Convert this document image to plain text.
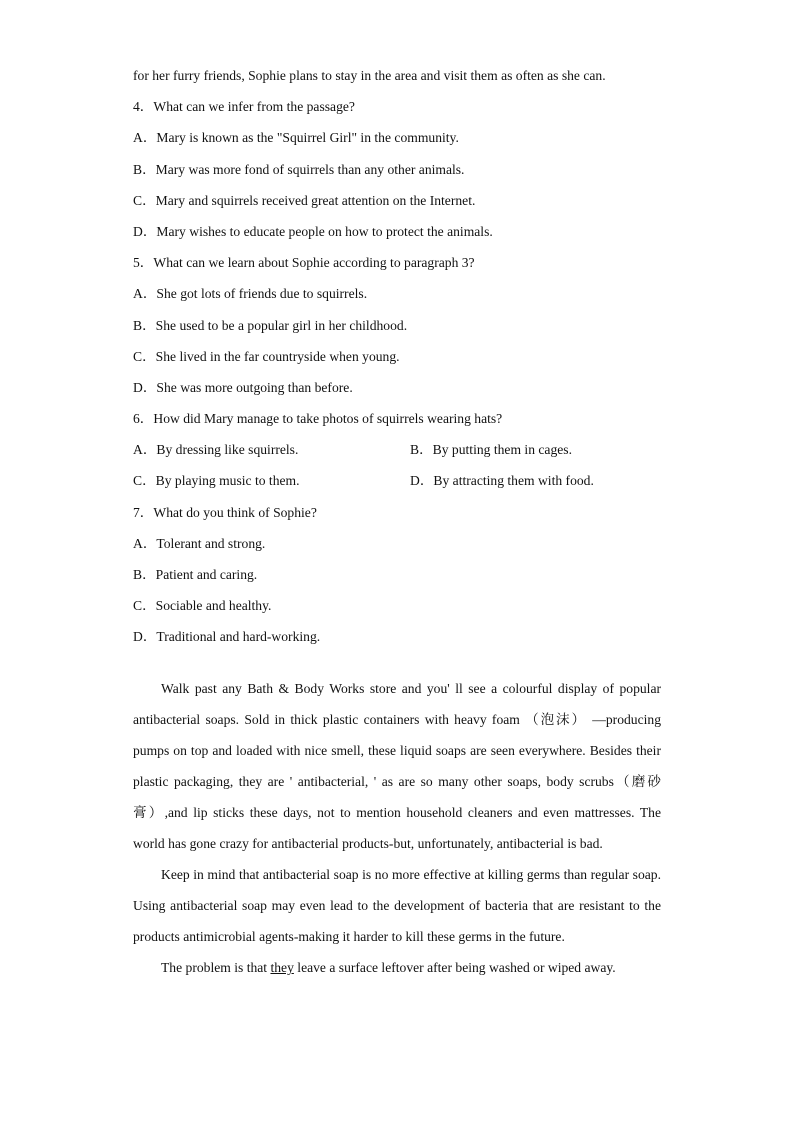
for her furry friends, Sophie plans to stay in the area and visit them as often as she can.
4．What can we infer from the passage?
A．Mary is known as the "Squirrel Girl" in the community.
B．Mary was more fond of squirrels than any other animals.
C．Mary and squirrels received great attention on the Internet.
D．Mary wishes to educate people on how to protect the animals.
5．What can we learn about Sophie according to paragraph 3?
A．She got lots of friends due to squirrels.
B．She used to be a popular girl in her childhood.
C．She lived in the far countryside when young.
D．She was more outgoing than before.
6．How did Mary manage to take photos of squirrels wearing hats?
A．By dressing like squirrels.	B．By putting them in cages.
C．By playing music to them.	D．By attracting them with food.
7．What do you think of Sophie?
A．Tolerant and strong.
B．Patient and caring.
C．Sociable and healthy.
D．Traditional and hard-working.

Walk past any Bath & Body Works store and you' ll see a colourful display of popular antibacterial soaps. Sold in thick plastic containers with heavy foam （泡沫） —producing pumps on top and loaded with nice smell, these liquid soaps are seen everywhere. Besides their plastic packaging, they are ' antibacterial, ' as are so many other soaps, body scrubs（磨砂膏）,and lip sticks these days, not to mention household cleaners and even mattresses. The world has gone crazy for antibacterial products-but, unfortunately, antibacterial is bad.

Keep in mind that antibacterial soap is no more effective at killing germs than regular soap. Using antibacterial soap may even lead to the development of bacteria that are resistant to the products antimicrobial agents-making it harder to kill these germs in the future.

The problem is that they leave a surface leftover after being washed or wiped away.
